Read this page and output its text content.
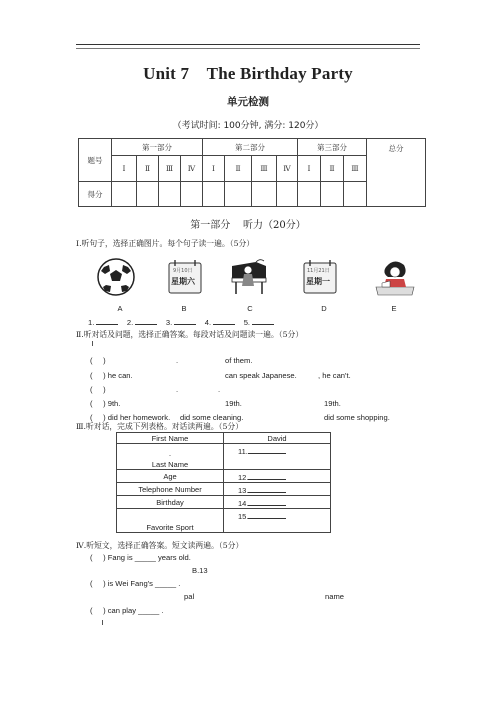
Unit 7    The Birthday Party
单元检测
（考试时间: 100分钟, 满分: 120分）
题号	第一部分				第二部分				第三部分			总分
	Ⅰ	Ⅱ	Ⅲ	Ⅳ	Ⅰ	Ⅱ	Ⅲ	Ⅳ	Ⅰ	Ⅱ	Ⅲ	
得分												
第一部分    听力（20分）
Ⅰ.听句子，选择正确图片。每个句子读一遍。（5分）
9月10日
星期六
11月21日
星期一
A	B	C	D	E
1.	2.	3.	4.	5.
Ⅱ.听对话及问题，选择正确答案。每段对话及问题读一遍。（5分）
(     )	.	of them.
(     ) he can.	can speak Japanese.	, he can't.
(     )	.	.
(     ) 9th.	19th.	19th.
(     ) did her homework. did some cleaning.	did some shopping.
Ⅲ.听对话，完成下列表格。对话读两遍。（5分）
First Name	David

-
Last Name	11.
Age	12.
Telephone Number	13.
Birthday	14.
Favorite Sport	15.
Ⅳ.听短文，选择正确答案。短文读两遍。（5分）
(     ) Fang is _____ years old.
B.13
(     ) is Wei Fang's _____ .
pal	name
(     ) can play _____ .
